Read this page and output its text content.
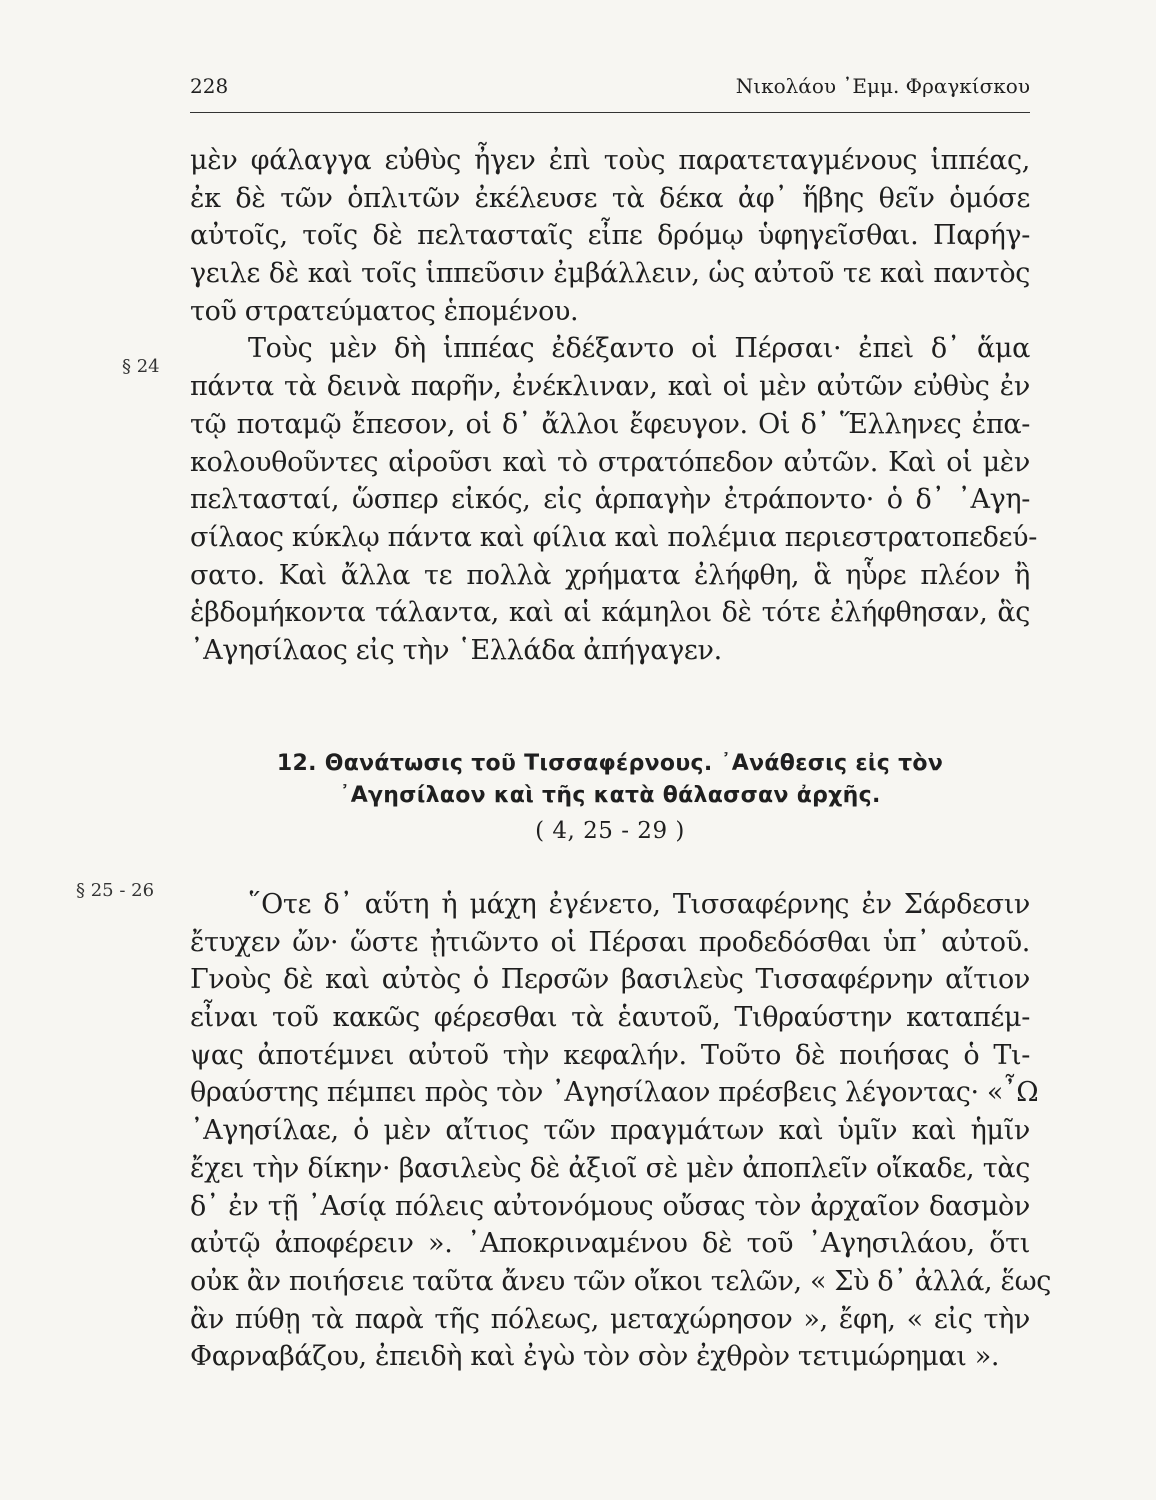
228	Νικολάου ᾿Εμμ. Φραγκίσκου
μὲν φάλαγγα εὐθὺς ἦγεν ἐπὶ τοὺς παρατεταγμένους ἱππέας,
ἐκ δὲ τῶν ὁπλιτῶν ἐκέλευσε τὰ δέκα ἀφ᾿ ἥβης θεῖν ὁμόσε
αὐτοῖς, τοῖς δὲ πελτασταῖς εἶπε δρόμῳ ὑφηγεῖσθαι. Παρήγ-
γειλε δὲ καὶ τοῖς ἱππεῦσιν ἐμβάλλειν, ὡς αὐτοῦ τε καὶ παντὸς
τοῦ στρατεύματος ἑπομένου.
Τοὺς μὲν δὴ ἱππέας ἐδέξαντο οἱ Πέρσαι· ἐπεὶ δ᾿ ἅμα
πάντα τὰ δεινὰ παρῆν, ἐνέκλιναν, καὶ οἱ μὲν αὐτῶν εὐθὺς ἐν
τῷ ποταμῷ ἔπεσον, οἱ δ᾿ ἄλλοι ἔφευγον. Οἱ δ᾿ Ἕλληνες ἐπα-
κολουθοῦντες αἱροῦσι καὶ τὸ στρατόπεδον αὐτῶν. Καὶ οἱ μὲν
πελτασταί, ὥσπερ εἰκός, εἰς ἁρπαγὴν ἐτράποντο· ὁ δ᾿ ᾿Αγη-
σίλαος κύκλῳ πάντα καὶ φίλια καὶ πολέμια περιεστρατοπεδεύ-
σατο. Καὶ ἄλλα τε πολλὰ χρήματα ἐλήφθη, ἃ ηὗρε πλέον ἢ
ἑβδομήκοντα τάλαντα, καὶ αἱ κάμηλοι δὲ τότε ἐλήφθησαν, ἃς
᾿Αγησίλαος εἰς τὴν ῾Ελλάδα ἀπήγαγεν.
§ 24
12. Θανάτωσις τοῦ Τισσαφέρνους. ᾿Ανάθεσις εἰς τὸν
᾿Αγησίλαον καὶ τῆς κατὰ θάλασσαν ἀρχῆς.
( 4, 25 - 29 )
§ 25 - 26	῞Οτε δ᾿ αὕτη ἡ μάχη ἐγένετο, Τισσαφέρνης ἐν Σάρδεσιν
ἔτυχεν ὤν· ὥστε ᾐτιῶντο οἱ Πέρσαι προδεδόσθαι ὑπ᾿ αὐτοῦ.
Γνοὺς δὲ καὶ αὐτὸς ὁ Περσῶν βασιλεὺς Τισσαφέρνην αἴτιον
εἶναι τοῦ κακῶς φέρεσθαι τὰ ἑαυτοῦ, Τιθραύστην καταπέμ-
ψας ἀποτέμνει αὐτοῦ τὴν κεφαλήν. Τοῦτο δὲ ποιήσας ὁ Τι-
θραύστης πέμπει πρὸς τὸν ᾿Αγησίλαον πρέσβεις λέγοντας· «῏Ω
᾿Αγησίλαε, ὁ μὲν αἴτιος τῶν πραγμάτων καὶ ὑμῖν καὶ ἡμῖν
ἔχει τὴν δίκην· βασιλεὺς δὲ ἀξιοῖ σὲ μὲν ἀποπλεῖν οἴκαδε, τὰς
δ᾿ ἐν τῇ ᾿Ασίᾳ πόλεις αὐτονόμους οὔσας τὸν ἀρχαῖον δασμὸν
αὐτῷ ἀποφέρειν ». ᾿Αποκριναμένου δὲ τοῦ ᾿Αγησιλάου, ὅτι
οὐκ ἂν ποιήσειε ταῦτα ἄνευ τῶν οἴκοι τελῶν, « Σὺ δ᾿ ἀλλά, ἕως
ἂν πύθῃ τὰ παρὰ τῆς πόλεως, μεταχώρησον », ἔφη, « εἰς τὴν
Φαρναβάζου, ἐπειδὴ καὶ ἐγὼ τὸν σὸν ἐχθρὸν τετιμώρημαι ».
